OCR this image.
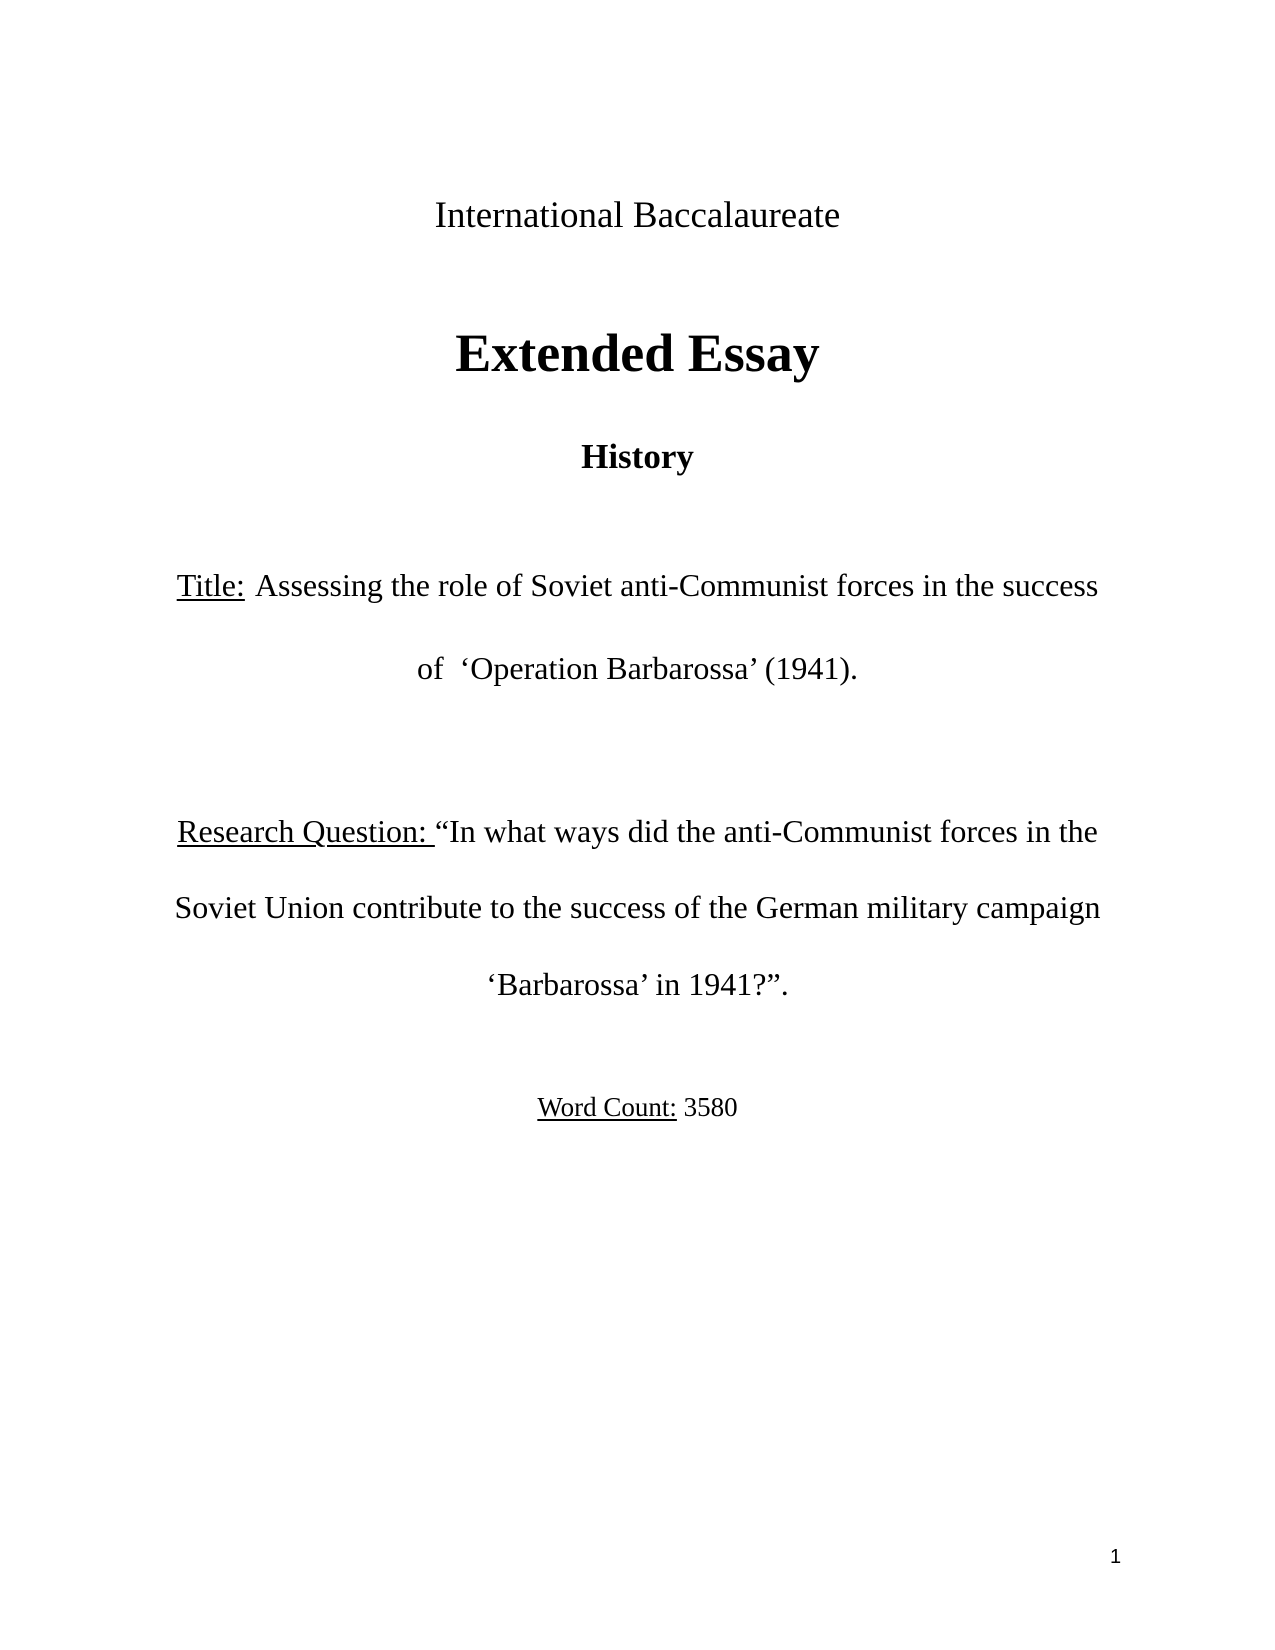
International Baccalaureate
Extended Essay
History
Title: Assessing the role of Soviet anti-Communist forces in the success
of  ‘Operation Barbarossa’ (1941).
Research Question: “In what ways did the anti-Communist forces in the
Soviet Union contribute to the success of the German military campaign
‘Barbarossa’ in 1941?”.
Word Count: 3580
1
